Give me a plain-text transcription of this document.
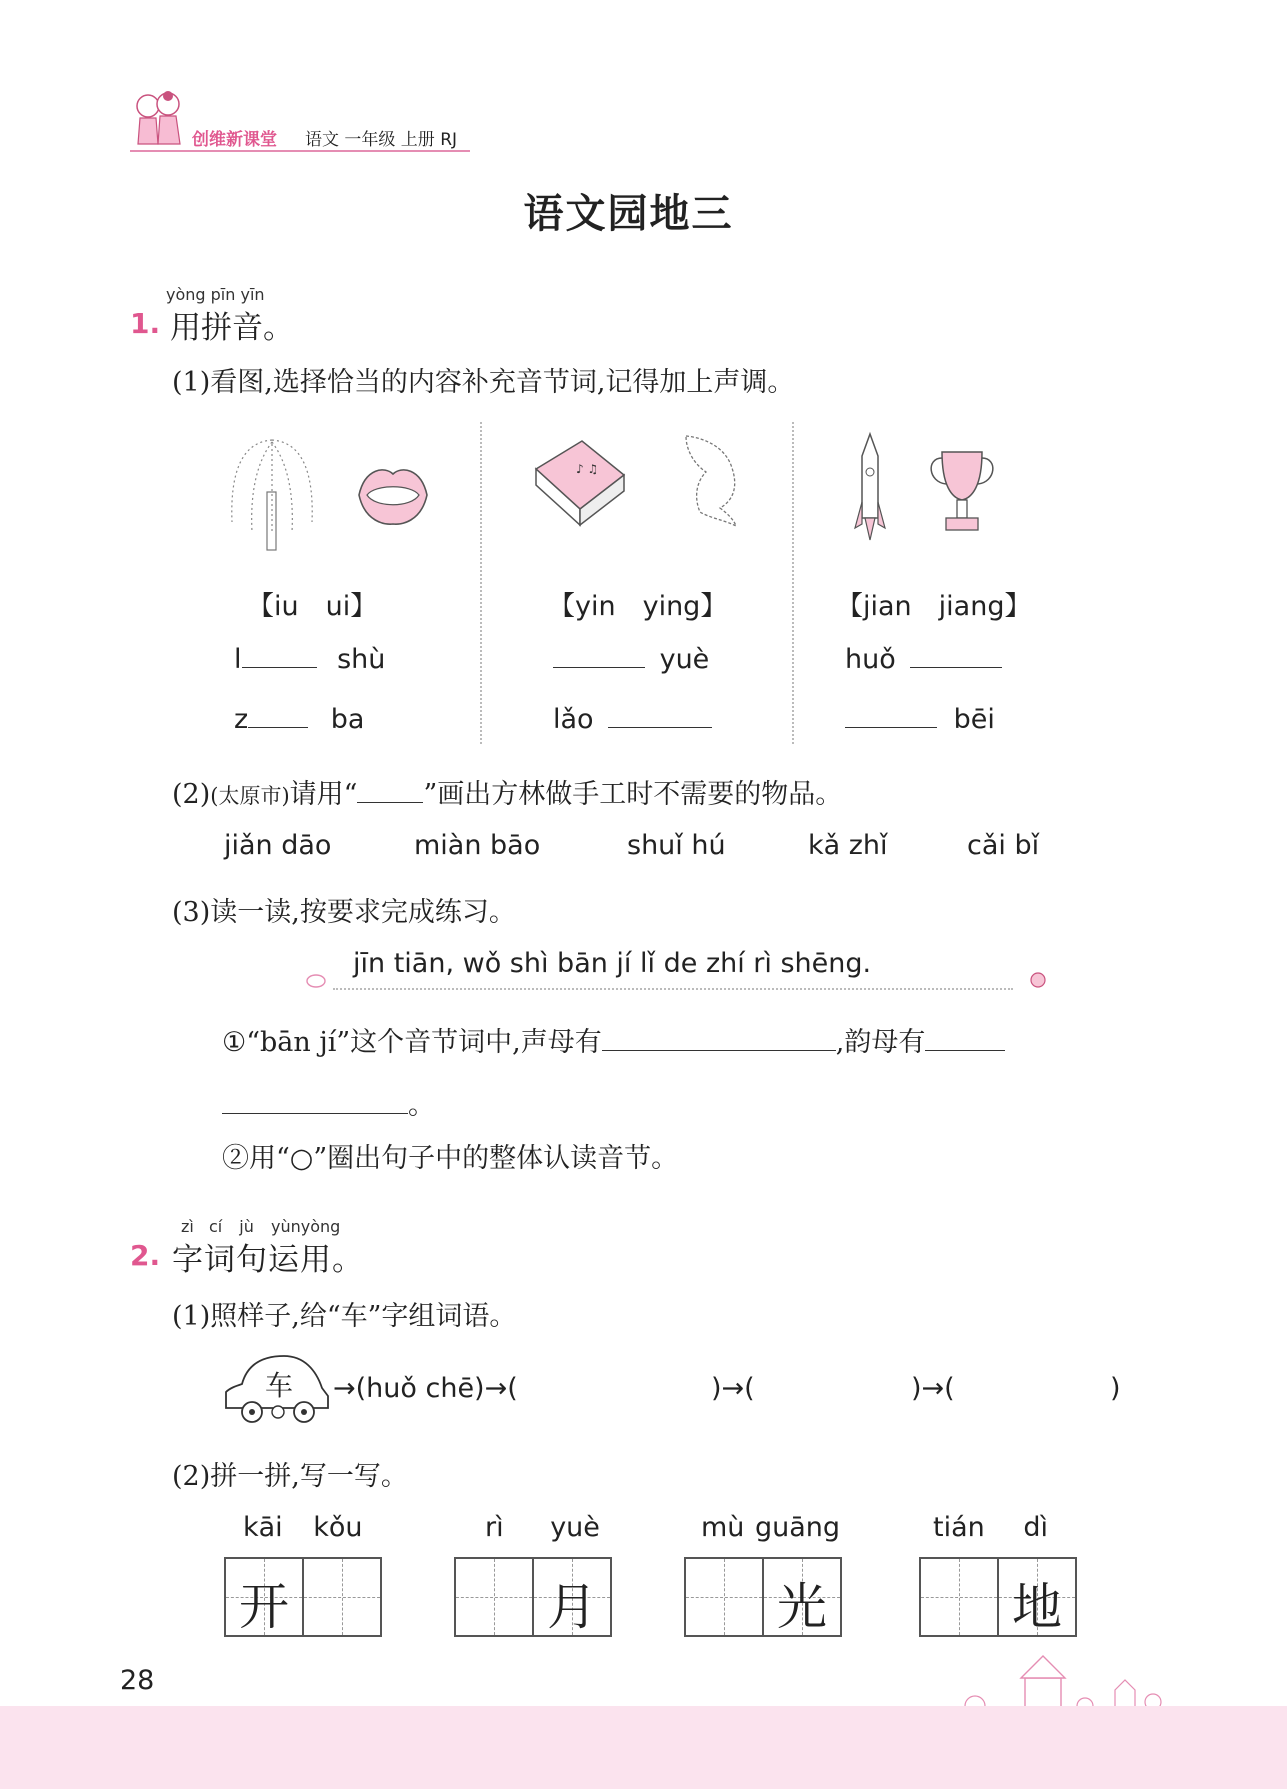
创维新课堂 语文 一年级 上册 RJ
语文园地三
yòng pīn yīn
1. 用拼音。
(1)看图,选择恰当的内容补充音节词,记得加上声调。
♪ ♫
【iu　ui】
l	shù
z	ba
【yin　ying】
yuè
lǎo
【jian　jiang】
huǒ
bēi
(2)(太原市)请用“ ”画出方林做手工时不需要的物品。
jiǎn dāo	miàn bāo	shuǐ hú	kǎ zhǐ	cǎi bǐ
(3)读一读,按要求完成练习。
jīn tiān, wǒ shì bān jí lǐ de zhí rì shēng.
①“bān jí”这个音节词中,声母有	,韵母有
。
②用“○”圈出句子中的整体认读音节。
zì cí jù yùnyòng
2. 字词句运用。
(1)照样子,给“车”字组词语。
车 →(huǒ chē)→(	)→(	)→(	)
(2)拼一拼,写一写。
kāi kǒu
开
rì yuè
月
mù guāng
光
tián dì
地
28
